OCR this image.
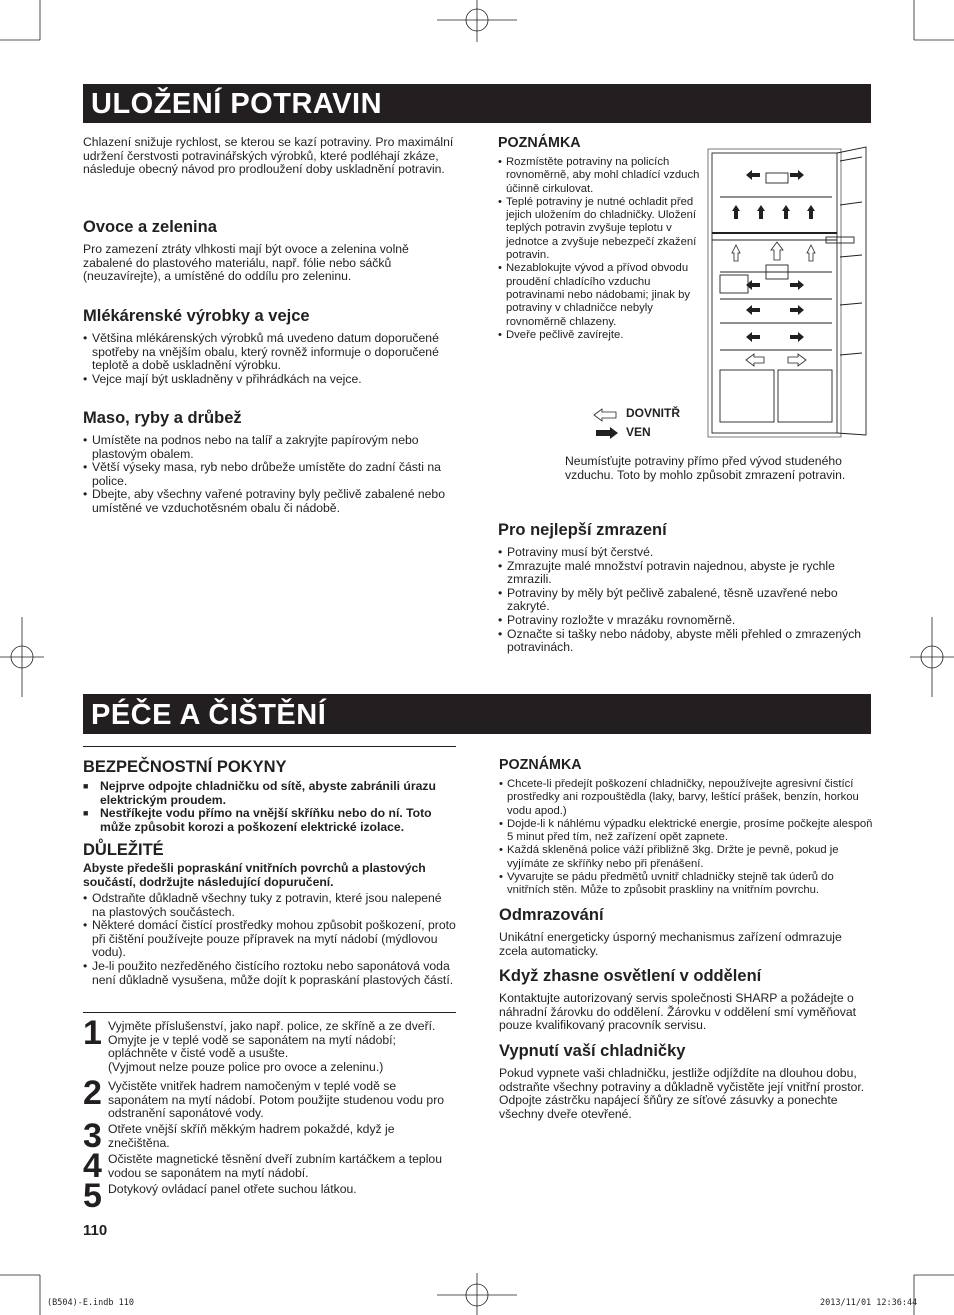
ULOŽENÍ POTRAVIN
Chlazení snižuje rychlost, se kterou se kazí potraviny. Pro maximální udržení čerstvosti potravinářských výrobků, které podléhají zkáze, následuje obecný návod pro prodloužení doby uskladnění potravin.
Ovoce a zelenina
Pro zamezení ztráty vlhkosti mají být ovoce a zelenina volně zabalené do plastového materiálu, např. fólie nebo sáčků (neuzavírejte), a umístěné do oddílu pro zeleninu.
Mlékárenské výrobky a vejce
• Většina mlékárenských výrobků má uvedeno datum doporučené spotřeby na vnějším obalu, který rovněž informuje o doporučené teplotě a době uskladnění výrobku.
• Vejce mají být uskladněny v přihrádkách na vejce.
Maso, ryby a drůbež
• Umístěte na podnos nebo na talíř a zakryjte papírovým nebo plastovým obalem.
• Větší výseky masa, ryb nebo drůbeže umístěte do zadní části na police.
• Dbejte, aby všechny vařené potraviny byly pečlivě zabalené nebo umístěné ve vzduchotěsném obalu či nádobě.
POZNÁMKA
• Rozmístěte potraviny na policích rovnoměrně, aby mohl chladící vzduch účinně cirkulovat.
• Teplé potraviny je nutné ochladit před jejich uložením do chladničky. Uložení teplých potravin zvyšuje teplotu v jednotce a zvyšuje nebezpečí zkažení potravin.
• Nezablokujte vývod a přívod obvodu proudění chladícího vzduchu potravinami nebo nádobami; jinak by potraviny v chladničce nebyly rovnoměrně chlazeny.
• Dveře pečlivě zavírejte.
DOVNITŘ
VEN
Neumísťujte potraviny přímo před vývod studeného vzduchu. Toto by mohlo způsobit zmrazení potravin.
Pro nejlepší zmrazení
• Potraviny musí být čerstvé.
• Zmrazujte malé množství potravin najednou, abyste je rychle zmrazili.
• Potraviny by měly být pečlivě zabalené, těsně uzavřené nebo zakryté.
• Potraviny rozložte v mrazáku rovnoměrně.
• Označte si tašky nebo nádoby, abyste měli přehled o zmrazených potravinách.
PÉČE A ČIŠTĚNÍ
BEZPEČNOSTNÍ POKYNY
■ Nejprve odpojte chladničku od sítě, abyste zabránili úrazu elektrickým proudem.
■ Nestříkejte vodu přímo na vnější skříňku nebo do ní. Toto může způsobit korozi a poškození elektrické izolace.
DŮLEŽITÉ
Abyste předešli popraskání vnitřních povrchů a plastových součástí, dodržujte následující dopuručení.
• Odstraňte důkladně všechny tuky z potravin, které jsou nalepené na plastových součástech.
• Některé domácí čistící prostředky mohou způsobit poškození, proto při čištění používejte pouze přípravek na mytí nádobí (mýdlovou vodu).
• Je-li použito nezředěného čistícího roztoku nebo saponátová voda není důkladně vysušena, může dojít k popraskání plastových částí.
1 Vyjměte příslušenství, jako např. police, ze skříně a ze dveří. Omyjte je v teplé vodě se saponátem na mytí nádobí; opláchněte v čisté vodě a usušte.
(Vyjmout nelze pouze police pro ovoce a zeleninu.)
2 Vyčistěte vnitřek hadrem namočeným v teplé vodě se saponátem na mytí nádobí. Potom použijte studenou vodu pro odstranění saponátové vody.
3 Otřete vnější skříň měkkým hadrem pokaždé, když je znečištěna.
4 Očistěte magnetické těsnění dveří zubním kartáčkem a teplou vodou se saponátem na mytí nádobí.
5 Dotykový ovládací panel otřete suchou látkou.
110
POZNÁMKA
• Chcete-li předejít poškození chladničky, nepoužívejte agresivní čistící prostředky ani rozpouštědla (laky, barvy, leštící prášek, benzín, horkou vodu apod.)
• Dojde-li k náhlému výpadku elektrické energie, prosíme počkejte alespoň 5 minut před tím, než zařízení opět zapnete.
• Každá skleněná police váží přibližně 3kg. Držte je pevně, pokud je vyjímáte ze skříňky nebo při přenášení.
• Vyvarujte se pádu předmětů uvnitř chladničky stejně tak úderů do vnitřních stěn. Může to způsobit praskliny na vnitřním povrchu.
Odmrazování
Unikátní energeticky úsporný mechanismus zařízení odmrazuje zcela automaticky.
Když zhasne osvětlení v oddělení
Kontaktujte autorizovaný servis společnosti SHARP a požádejte o náhradní žárovku do oddělení. Žárovku v oddělení smí vyměňovat pouze kvalifikovaný pracovník servisu.
Vypnutí vaší chladničky
Pokud vypnete vaši chladničku, jestliže odjíždíte na dlouhou dobu, odstraňte všechny potraviny a důkladně vyčistěte její vnitřní prostor. Odpojte zástrčku napájecí šňůry ze síťové zásuvky a ponechte všechny dveře otevřené.
(B504)-E.indb 110	2013/11/01 12:36:44
